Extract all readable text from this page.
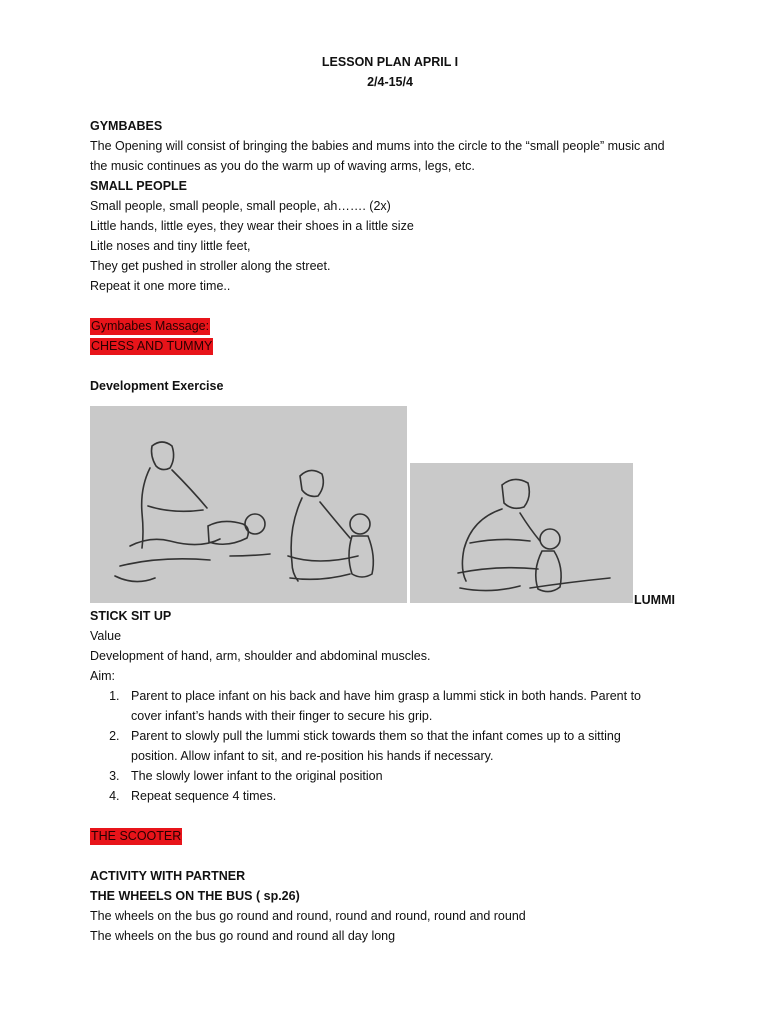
LESSON PLAN APRIL I
2/4-15/4
GYMBABES
The Opening will consist of bringing the babies and mums into the circle to the “small people” music and
the music continues as you do the warm up of waving arms, legs, etc.
SMALL PEOPLE
Small people, small people, small people, ah……. (2x)
Little hands, little eyes, they wear their shoes in a little size
Litle noses and tiny little feet,
They get pushed in stroller along the street.
Repeat it one more time..
Gymbabes Massage:
CHESS AND TUMMY
Development Exercise
LUMMI
STICK SIT UP
Value
Development of hand, arm, shoulder and abdominal muscles.
Aim:
1. Parent to place infant on his back and have him grasp a lummi stick in both hands. Parent to
cover infant’s hands with their finger to secure his grip.
2. Parent to slowly pull the lummi stick towards them so that the infant comes up to a sitting
position. Allow infant to sit, and re-position his hands if necessary.
3. The slowly lower infant to the original position
4. Repeat sequence 4 times.
THE SCOOTER
ACTIVITY WITH PARTNER
THE WHEELS ON THE BUS ( sp.26)
The wheels on the bus go round and round, round and round, round and round
The wheels on the bus go round and round all day long
